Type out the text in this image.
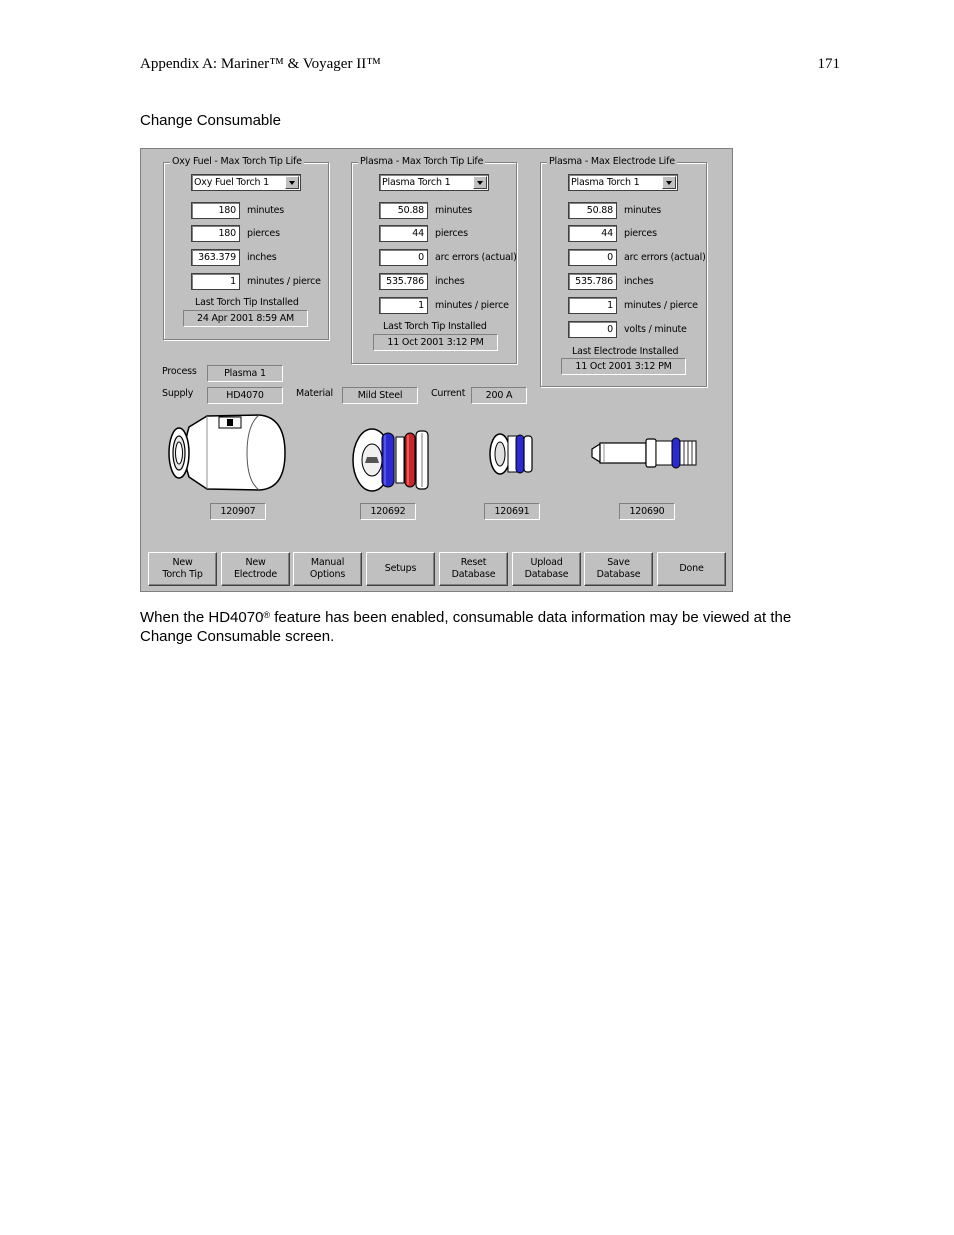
Appendix A: Mariner™ & Voyager II™	171
Change Consumable
Oxy Fuel - Max Torch Tip Life
Oxy Fuel Torch 1
180	minutes
180	pierces
363.379	inches
1	minutes / pierce
Last Torch Tip Installed
24 Apr 2001 8:59 AM
Plasma - Max Torch Tip Life
Plasma Torch 1
50.88	minutes
44	pierces
0	arc errors (actual)
535.786	inches
1	minutes / pierce
Last Torch Tip Installed
11 Oct 2001 3:12 PM
Plasma - Max Electrode Life
Plasma Torch 1
50.88	minutes
44	pierces
0	arc errors (actual)
535.786	inches
1	minutes / pierce
0	volts / minute
Last Electrode Installed
11 Oct 2001 3:12 PM
Process	Plasma 1
Supply	HD4070	Material	Mild Steel	Current	200 A
120907	120692	120691	120690
New
Torch Tip
New
Electrode
Manual
Options
Setups
Reset
Database
Upload
Database
Save
Database
Done

When the HD4070® feature has been enabled, consumable data information may be viewed at the Change Consumable screen.
